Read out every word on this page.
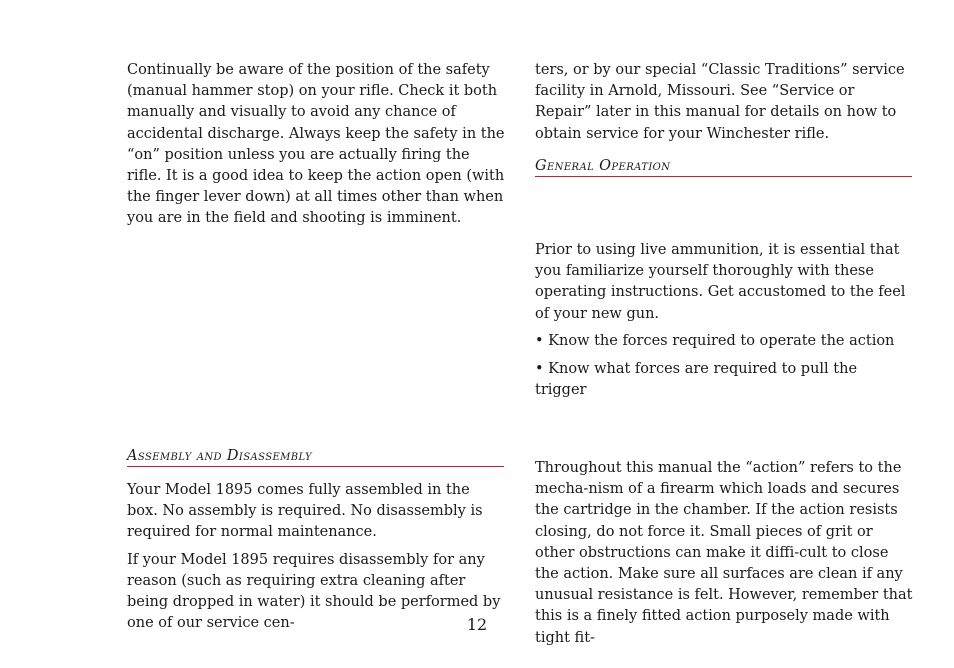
Continually be aware of the position of the safety (manual hammer stop) on your rifle. Check it both manually and visually to avoid any chance of accidental discharge. Always keep the safety in the “on” position unless you are actually firing the rifle. It is a good idea to keep the action open (with the finger lever down) at all times other than when you are in the field and shooting is imminent.

Assembly and Disassembly

Your Model 1895 comes fully assembled in the box. No assembly is required. No disassembly is required for normal maintenance.

If your Model 1895 requires disassembly for any reason (such as requiring extra cleaning after being dropped in water) it should be performed by one of our service cen-

ters, or by our special “Classic Traditions” service facility in Arnold, Missouri. See “Service or Repair” later in this manual for details on how to obtain service for your Winchester rifle.

General Operation

Prior to using live ammunition, it is essential that you familiarize yourself thoroughly with these operating instructions. Get accustomed to the feel of your new gun.

• Know the forces required to operate the action

• Know what forces are required to pull the trigger

Throughout this manual the “action” refers to the mecha-nism of a firearm which loads and secures the cartridge in the chamber. If the action resists closing, do not force it. Small pieces of grit or other obstructions can make it diffi-cult to close the action. Make sure all surfaces are clean if any unusual resistance is felt. However, remember that this is a finely fitted action purposely made with tight fit-

12
